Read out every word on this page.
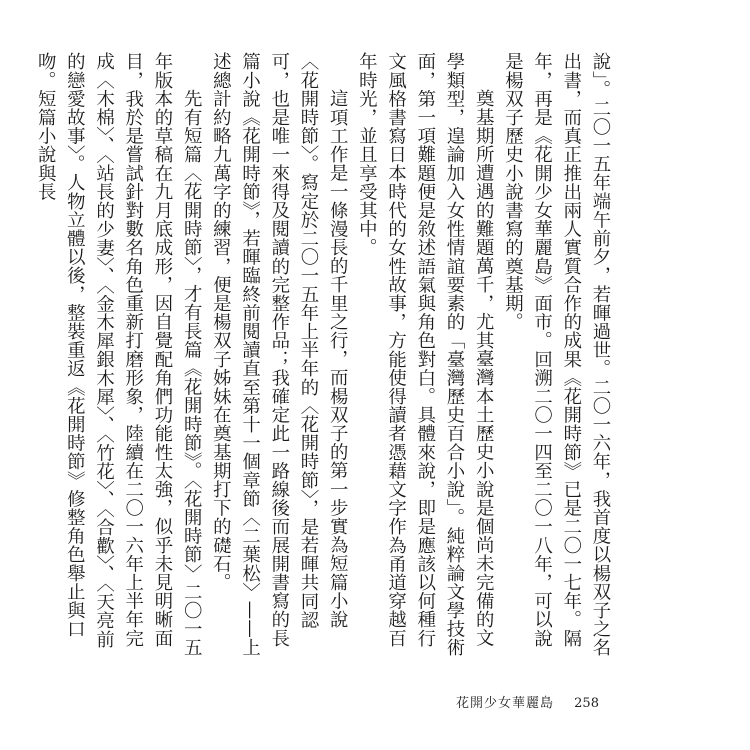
說」。二〇一五年端午前夕，若暉過世。二〇一六年，我首度以楊双子之名出書，而真正推出兩人實質合作的成果《花開時節》已是二〇一七年。隔年，再是《花開少女華麗島》面市。回溯二〇一四至二〇一八年，可以說是楊双子歷史小說書寫的奠基期。

奠基期所遭遇的難題萬千，尤其臺灣本土歷史小說是個尚未完備的文學類型，遑論加入女性情誼要素的「臺灣歷史百合小說」。純粹論文學技術面，第一項難題便是敘述語氣與角色對白。具體來說，即是應該以何種行文風格書寫日本時代的女性故事，方能使得讀者憑藉文字作為甬道穿越百年時光，並且享受其中。

這項工作是一條漫長的千里之行，而楊双子的第一步實為短篇小說〈花開時節〉。寫定於二〇一五年上半年的〈花開時節〉，是若暉共同認可，也是唯一來得及閱讀的完整作品；我確定此一路線後而展開書寫的長篇小說《花開時節》，若暉臨終前閱讀直至第十一個章節〈二葉松〉——上述總計約略九萬字的練習，便是楊双子姊妹在奠基期打下的礎石。

先有短篇〈花開時節〉，才有長篇《花開時節》。〈花開時節〉二〇一五年版本的草稿在九月底成形，因自覺配角們功能性太強，似乎未見明晰面目，我於是嘗試針對數名角色重新打磨形象，陸續在二〇一六年上半年完成〈木棉〉、〈站長的少妻〉、〈金木犀銀木犀〉、〈竹花〉、〈合歡〉、〈天亮前的戀愛故事〉。人物立體以後，整裝重返《花開時節》修整角色舉止與口吻。短篇小說與長

花開少女華麗島 258
